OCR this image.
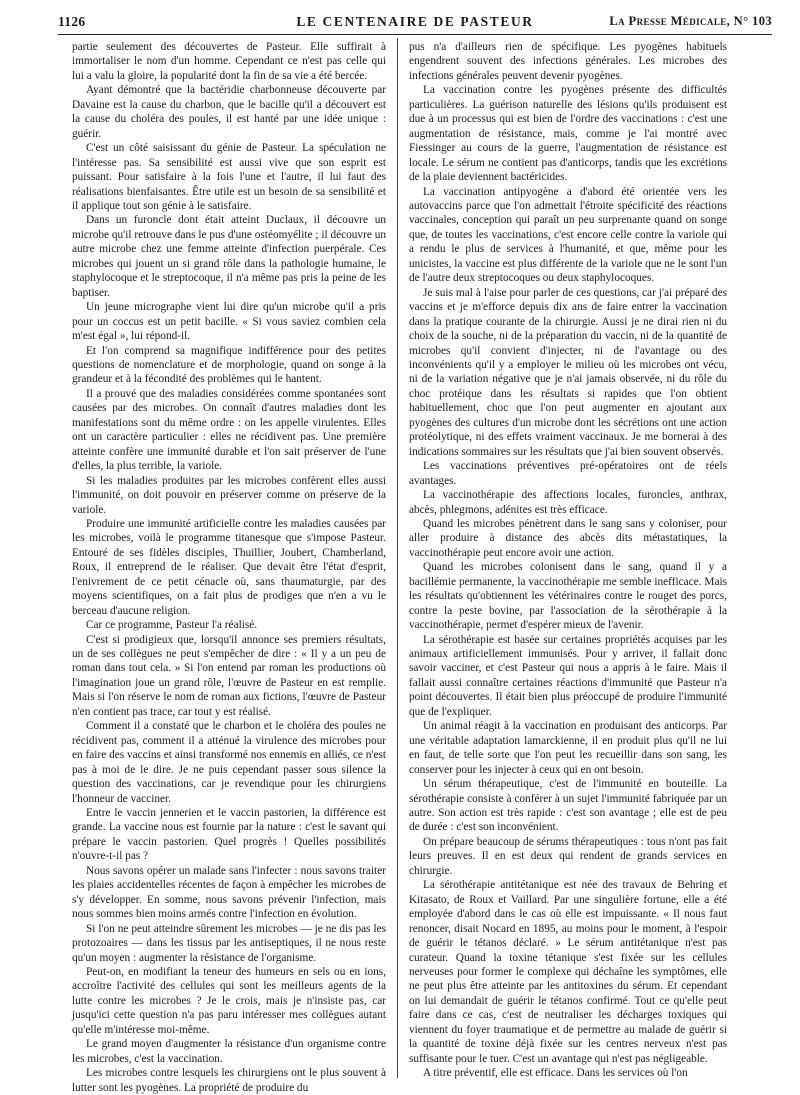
1126	LE CENTENAIRE DE PASTEUR	La Presse Médicale, N° 103

partie seulement des découvertes de Pasteur. Elle suffirait à immortaliser le nom d'un homme. Cependant ce n'est pas celle qui lui a valu la gloire, la popularité dont la fin de sa vie a été bercée.

Ayant démontré que la bactéridie charbonneuse découverte par Davaine est la cause du charbon, que le bacille qu'il a découvert est la cause du choléra des poules, il est hanté par une idée unique : guérir.

C'est un côté saisissant du génie de Pasteur. La spéculation ne l'intéresse pas. Sa sensibilité est aussi vive que son esprit est puissant. Pour satisfaire à la fois l'une et l'autre, il lui faut des réalisations bienfaisantes. Être utile est un besoin de sa sensibilité et il applique tout son génie à le satisfaire.

Dans un furoncle dont était atteint Duclaux, il découvre un microbe qu'il retrouve dans le pus d'une ostéomyélite ; il découvre un autre microbe chez une femme atteinte d'infection puerpérale. Ces microbes qui jouent un si grand rôle dans la pathologie humaine, le staphylocoque et le streptocoque, il n'a même pas pris la peine de les baptiser.

Un jeune micrographe vient lui dire qu'un microbe qu'il a pris pour un coccus est un petit bacille. « Si vous saviez combien cela m'est égal », lui répond-il.

Et l'on comprend sa magnifique indifférence pour des petites questions de nomenclature et de morphologie, quand on songe à la grandeur et à la fécondité des problèmes qui le hantent.

Il a prouvé que des maladies considérées comme spontanées sont causées par des microbes. On connaît d'autres maladies dont les manifestations sont du même ordre : on les appelle virulentes. Elles ont un caractère particulier : elles ne récidivent pas. Une première atteinte confère une immunité durable et l'on sait préserver de l'une d'elles, la plus terrible, la variole.

Si les maladies produites par les microbes confèrent elles aussi l'immunité, on doit pouvoir en préserver comme on préserve de la variole.

Produire une immunité artificielle contre les maladies causées par les microbes, voilà le programme titanesque que s'impose Pasteur. Entouré de ses fidèles disciples, Thuillier, Joubert, Chamberland, Roux, il entreprend de le réaliser. Que devait être l'état d'esprit, l'enivrement de ce petit cénacle où, sans thaumaturgie, par des moyens scientifiques, on a fait plus de prodiges que n'en a vu le berceau d'aucune religion.

Car ce programme, Pasteur l'a réalisé.

C'est si prodigieux que, lorsqu'il annonce ses premiers résultats, un de ses collègues ne peut s'empêcher de dire : « Il y a un peu de roman dans tout cela. » Si l'on entend par roman les productions où l'imagination joue un grand rôle, l'œuvre de Pasteur en est remplie. Mais si l'on réserve le nom de roman aux fictions, l'œuvre de Pasteur n'en contient pas trace, car tout y est réalisé.

Comment il a constaté que le charbon et le choléra des poules ne récidivent pas, comment il a atténué la virulence des microbes pour en faire des vaccins et ainsi transformé nos ennemis en alliés, ce n'est pas à moi de le dire. Je ne puis cependant passer sous silence la question des vaccinations, car je revendique pour les chirurgiens l'honneur de vacciner.

Entre le vaccin jennerien et le vaccin pastorien, la différence est grande. La vaccine nous est fournie par la nature : c'est le savant qui prépare le vaccin pastorien. Quel progrès ! Quelles possibilités n'ouvre-t-il pas ?

Nous savons opérer un malade sans l'infecter : nous savons traiter les plaies accidentelles récentes de façon à empêcher les microbes de s'y développer. En somme, nous savons prévenir l'infection, mais nous sommes bien moins armés contre l'infection en évolution.

Si l'on ne peut atteindre sûrement les microbes — je ne dis pas les protozoaires — dans les tissus par les antiseptiques, il ne nous reste qu'un moyen : augmenter la résistance de l'organisme.

Peut-on, en modifiant la teneur des humeurs en sels ou en ions, accroître l'activité des cellules qui sont les meilleurs agents de la lutte contre les microbes ? Je le crois, mais je n'insiste pas, car jusqu'ici cette question n'a pas paru intéresser mes collègues autant qu'elle m'intéresse moi-même.

Le grand moyen d'augmenter la résistance d'un organisme contre les microbes, c'est la vaccination.

Les microbes contre lesquels les chirurgiens ont le plus souvent à lutter sont les pyogènes. La propriété de produire du

pus n'a d'ailleurs rien de spécifique. Les pyogènes habituels engendrent souvent des infections générales. Les microbes des infections générales peuvent devenir pyogènes.

La vaccination contre les pyogènes présente des difficultés particulières. La guérison naturelle des lésions qu'ils produisent est due à un processus qui est bien de l'ordre des vaccinations : c'est une augmentation de résistance, mais, comme je l'ai montré avec Fiessinger au cours de la guerre, l'augmentation de résistance est locale. Le sérum ne contient pas d'anticorps, tandis que les excrétions de la plaie deviennent bactéricides.

La vaccination antipyogène a d'abord été orientée vers les autovaccins parce que l'on admettait l'étroite spécificité des réactions vaccinales, conception qui paraît un peu surprenante quand on songe que, de toutes les vaccinations, c'est encore celle contre la variole qui a rendu le plus de services à l'humanité, et que, même pour les unicistes, la vaccine est plus différente de la variole que ne le sont l'un de l'autre deux streptocoques ou deux staphylocoques.

Je suis mal à l'aise pour parler de ces questions, car j'ai préparé des vaccins et je m'efforce depuis dix ans de faire entrer la vaccination dans la pratique courante de la chirurgie. Aussi je ne dirai rien ni du choix de la souche, ni de la préparation du vaccin, ni de la quantité de microbes qu'il convient d'injecter, ni de l'avantage ou des inconvénients qu'il y a employer le milieu où les microbes ont vécu, ni de la variation négative que je n'ai jamais observée, ni du rôle du choc protéique dans les résultats si rapides que l'on obtient habituellement, choc que l'on peut augmenter en ajoutant aux pyogènes des cultures d'un microbe dont les sécrétions ont une action protéolytique, ni des effets vraiment vaccinaux. Je me bornerai à des indications sommaires sur les résultats que j'ai bien souvent observés.

Les vaccinations préventives pré-opératoires ont de réels avantages.

La vaccinothérapie des affections locales, furoncles, anthrax, abcès, phlegmons, adénites est très efficace.

Quand les microbes pénètrent dans le sang sans y coloniser, pour aller produire à distance des abcès dits métastatiques, la vaccinothérapie peut encore avoir une action.

Quand les microbes colonisent dans le sang, quand il y a bacillémie permanente, la vaccinothérapie me semble inefficace. Mais les résultats qu'obtiennent les vétérinaires contre le rouget des porcs, contre la peste bovine, par l'association de la sérothérapie à la vaccinothérapie, permet d'espérer mieux de l'avenir.

La sérothérapie est basée sur certaines propriétés acquises par les animaux artificiellement immunisés. Pour y arriver, il fallait donc savoir vacciner, et c'est Pasteur qui nous a appris à le faire. Mais il fallait aussi connaître certaines réactions d'immunité que Pasteur n'a point découvertes. Il était bien plus préoccupé de produire l'immunité que de l'expliquer.

Un animal réagit à la vaccination en produisant des anticorps. Par une véritable adaptation lamarckienne, il en produit plus qu'il ne lui en faut, de telle sorte que l'on peut les recueillir dans son sang, les conserver pour les injecter à ceux qui en ont besoin.

Un sérum thérapeutique, c'est de l'immunité en bouteille. La sérothérapie consiste à conférer à un sujet l'immunité fabriquée par un autre. Son action est très rapide : c'est son avantage ; elle est de peu de durée : c'est son inconvénient.

On prépare beaucoup de sérums thérapeutiques : tous n'ont pas fait leurs preuves. Il en est deux qui rendent de grands services en chirurgie.

La sérothérapie antitétanique est née des travaux de Behring et Kitasato, de Roux et Vaillard. Par une singulière fortune, elle a été employée d'abord dans le cas où elle est impuissante. « Il nous faut renoncer, disait Nocard en 1895, au moins pour le moment, à l'espoir de guérir le tétanos déclaré. » Le sérum antitétanique n'est pas curateur. Quand la toxine tétanique s'est fixée sur les cellules nerveuses pour former le complexe qui déchaîne les symptômes, elle ne peut plus être atteinte par les antitoxines du sérum. Et cependant on lui demandait de guérir le tétanos confirmé. Tout ce qu'elle peut faire dans ce cas, c'est de neutraliser les décharges toxiques qui viennent du foyer traumatique et de permettre au malade de guérir si la quantité de toxine déjà fixée sur les centres nerveux n'est pas suffisante pour le tuer. C'est un avantage qui n'est pas négligeable.

A titre préventif, elle est efficace. Dans les services où l'on
